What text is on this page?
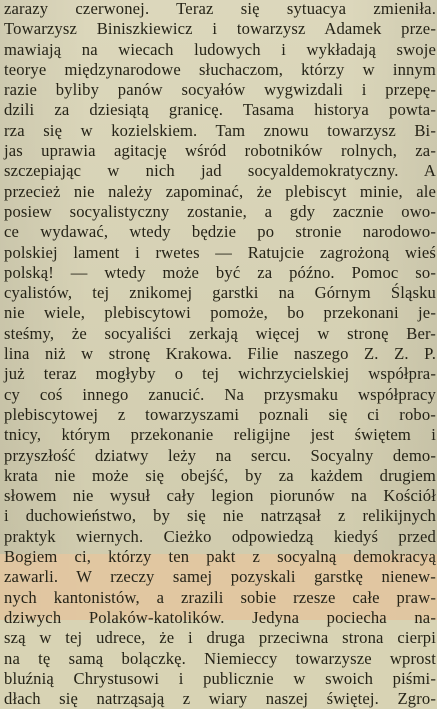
zarazy czerwonej. Teraz się sytuacya zmieniła.
Towarzysz Biniszkiewicz i towarzysz Adamek prze-
mawiają na wiecach ludowych i wykładają swoje
teorye międzynarodowe słuchaczom, którzy w innym
razie byliby panów socyałów wygwizdali i przepę-
dzili za dziesiątą granicę. Tasama historya powta-
rza się w kozielskiem. Tam znowu towarzysz Bi-
jas uprawia agitację wśród robotników rolnych, za-
szczepiając w nich jad socyaldemokratyczny. A
przecież nie należy zapominać, że plebiscyt minie, ale
posiew socyalistyczny zostanie, a gdy zacznie owo-
ce wydawać, wtedy będzie po stronie narodowo-
polskiej lament i rwetes — Ratujcie zagrożoną wieś
polską! — wtedy może być za późno. Pomoc so-
cyalistów, tej znikomej garstki na Górnym Śląsku
nie wiele, plebiscytowi pomoże, bo przekonani je-
steśmy, że socyaliści zerkają więcej w stronę Ber-
lina niż w stronę Krakowa. Filie naszego Z. Z. P.
już teraz mogłyby o tej wichrzycielskiej współpra-
cy coś innego zanucić. Na przysmaku współpracy
plebiscytowej z towarzyszami poznali się ci robo-
tnicy, którym przekonanie religijne jest świętem i
przyszłość dziatwy leży na sercu. Socyalny demo-
krata nie może się obejść, by za każdem drugiem
słowem nie wysuł cały legion piorunów na Kościół
i duchowieństwo, by się nie natrząsał z relikijnych
praktyk wiernych. Cieżko odpowiedzą kiedyś przed
Bogiem ci, którzy ten pakt z socyalną demokracyą
zawarli. W rzeczy samej pozyskali garstkę nienew-
nych kantonistów, a zrazili sobie rzesze całe praw-
dziwych Polaków-katolików. Jedyna pociecha na-
szą w tej udrece, że i druga przeciwna strona cierpi
na tę samą bolączkę. Niemieccy towarzysze wprost
bluźnią Chrystusowi i publicznie w swoich piśmi-
dłach się natrząsają z wiary naszej świętej. Zgro-
